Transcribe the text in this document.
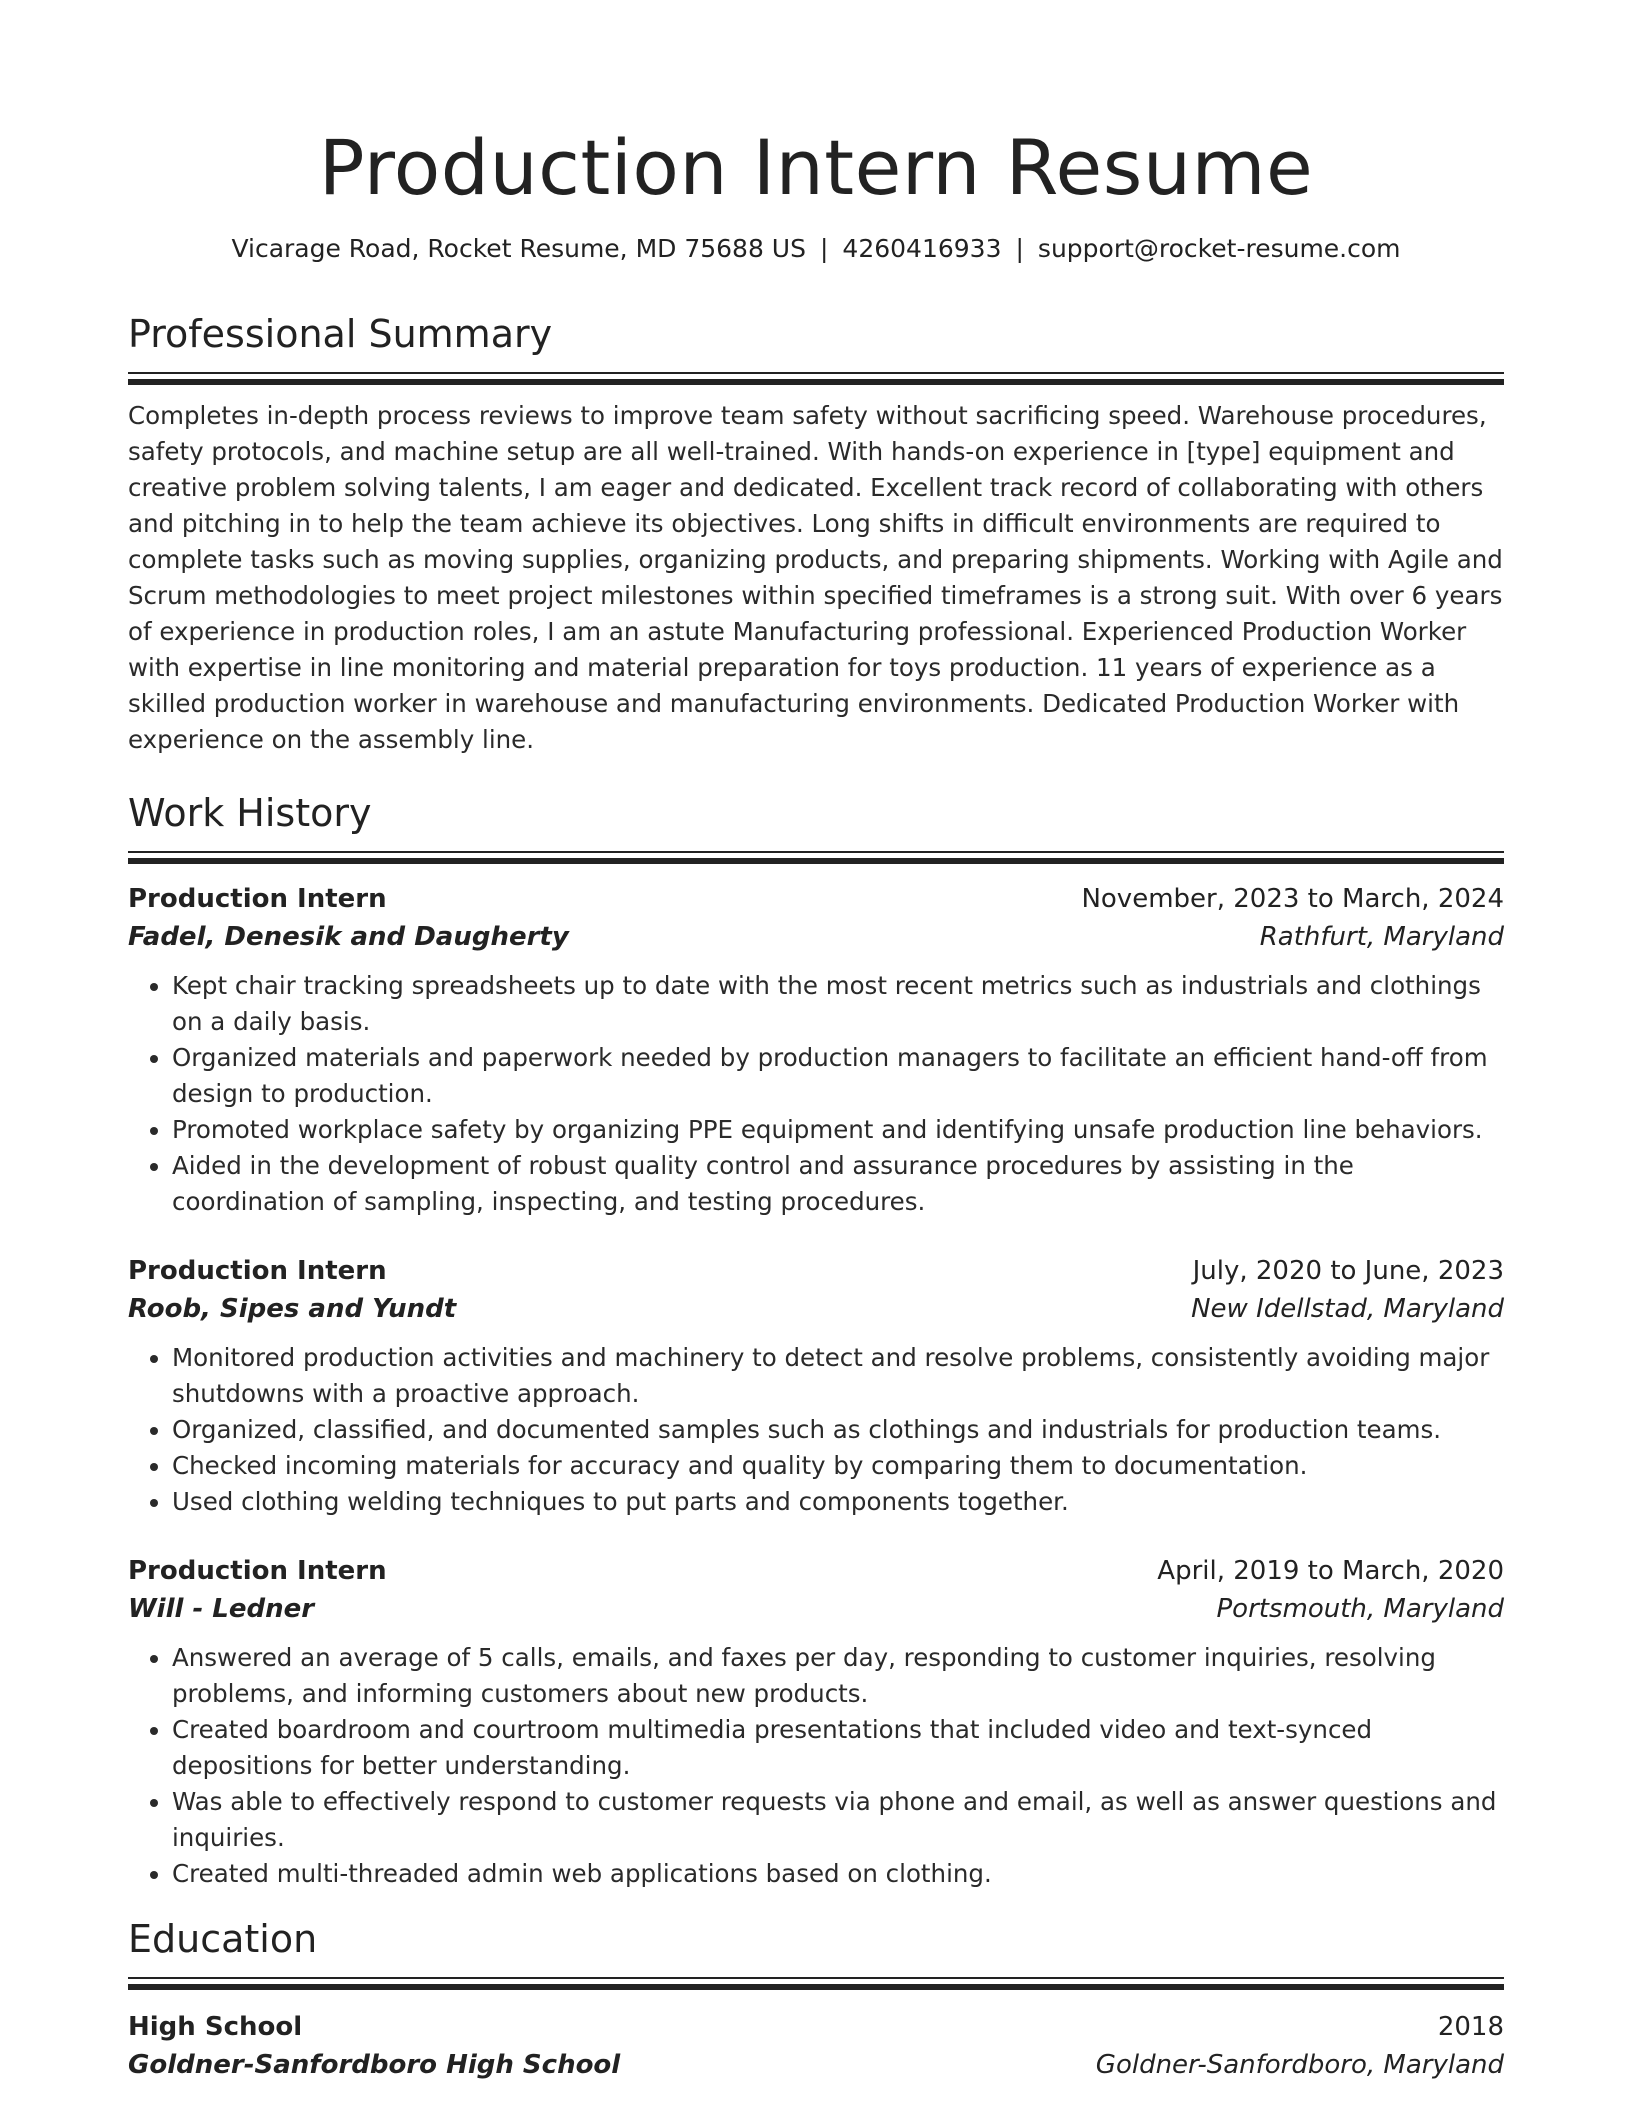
Production Intern Resume
Vicarage Road, Rocket Resume, MD 75688 US | 4260416933 | support@rocket-resume.com
Professional Summary

Completes in-depth process reviews to improve team safety without sacrificing speed. Warehouse procedures, safety protocols, and machine setup are all well-trained. With hands-on experience in [type] equipment and creative problem solving talents, I am eager and dedicated. Excellent track record of collaborating with others and pitching in to help the team achieve its objectives. Long shifts in difficult environments are required to complete tasks such as moving supplies, organizing products, and preparing shipments. Working with Agile and Scrum methodologies to meet project milestones within specified timeframes is a strong suit. With over 6 years of experience in production roles, I am an astute Manufacturing professional. Experienced Production Worker with expertise in line monitoring and material preparation for toys production. 11 years of experience as a skilled production worker in warehouse and manufacturing environments. Dedicated Production Worker with experience on the assembly line.

Work History
Production Intern	November, 2023 to March, 2024
Fadel, Denesik and Daugherty	Rathfurt, Maryland
• Kept chair tracking spreadsheets up to date with the most recent metrics such as industrials and clothings on a daily basis.
• Organized materials and paperwork needed by production managers to facilitate an efficient hand-off from design to production.
• Promoted workplace safety by organizing PPE equipment and identifying unsafe production line behaviors.
• Aided in the development of robust quality control and assurance procedures by assisting in the coordination of sampling, inspecting, and testing procedures.
Production Intern	July, 2020 to June, 2023
Roob, Sipes and Yundt	New Idellstad, Maryland
• Monitored production activities and machinery to detect and resolve problems, consistently avoiding major shutdowns with a proactive approach.
• Organized, classified, and documented samples such as clothings and industrials for production teams.
• Checked incoming materials for accuracy and quality by comparing them to documentation.
• Used clothing welding techniques to put parts and components together.
Production Intern	April, 2019 to March, 2020
Will - Ledner	Portsmouth, Maryland
• Answered an average of 5 calls, emails, and faxes per day, responding to customer inquiries, resolving problems, and informing customers about new products.
• Created boardroom and courtroom multimedia presentations that included video and text-synced depositions for better understanding.
• Was able to effectively respond to customer requests via phone and email, as well as answer questions and inquiries.
• Created multi-threaded admin web applications based on clothing.
Education
High School	2018
Goldner-Sanfordboro High School	Goldner-Sanfordboro, Maryland
